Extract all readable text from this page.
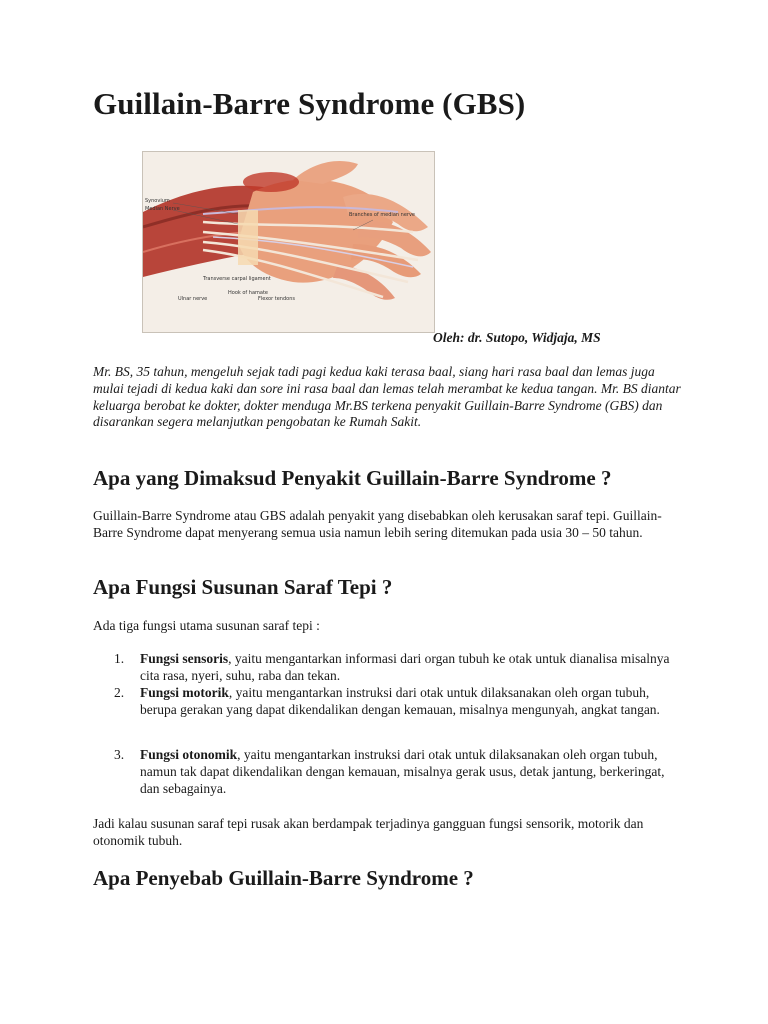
Guillain-Barre Syndrome (GBS)
Synovium
Median Nerve
Branches of median nerve
Transverse carpal ligament
Hook of hamate
Ulnar nerve	Flexor tendons

Oleh: dr. Sutopo, Widjaja, MS

Mr. BS, 35 tahun, mengeluh sejak tadi pagi kedua kaki terasa baal, siang hari rasa baal dan lemas juga mulai tejadi di kedua kaki dan sore ini rasa baal dan lemas telah merambat ke kedua tangan. Mr. BS diantar keluarga berobat ke dokter, dokter menduga Mr.BS terkena penyakit Guillain-Barre Syndrome (GBS) dan disarankan segera melanjutkan pengobatan ke Rumah Sakit.

Apa yang Dimaksud Penyakit Guillain-Barre Syndrome ?

Guillain-Barre Syndrome atau GBS adalah penyakit yang disebabkan oleh kerusakan saraf tepi. Guillain-Barre Syndrome dapat menyerang semua usia namun lebih sering ditemukan pada usia 30 – 50 tahun.

Apa Fungsi Susunan Saraf Tepi ?

Ada tiga fungsi utama susunan saraf tepi :

1.	Fungsi sensoris, yaitu mengantarkan informasi dari organ tubuh ke otak untuk dianalisa misalnya cita rasa, nyeri, suhu, raba dan tekan.
2.	Fungsi motorik, yaitu mengantarkan instruksi dari otak untuk dilaksanakan oleh organ tubuh, berupa gerakan yang dapat dikendalikan dengan kemauan, misalnya mengunyah, angkat tangan.
3.	Fungsi otonomik, yaitu mengantarkan instruksi dari otak untuk dilaksanakan oleh organ tubuh, namun tak dapat dikendalikan dengan kemauan, misalnya gerak usus, detak jantung, berkeringat, dan sebagainya.

Jadi kalau susunan saraf tepi rusak akan berdampak terjadinya gangguan fungsi sensorik, motorik dan otonomik tubuh.

Apa Penyebab Guillain-Barre Syndrome ?
